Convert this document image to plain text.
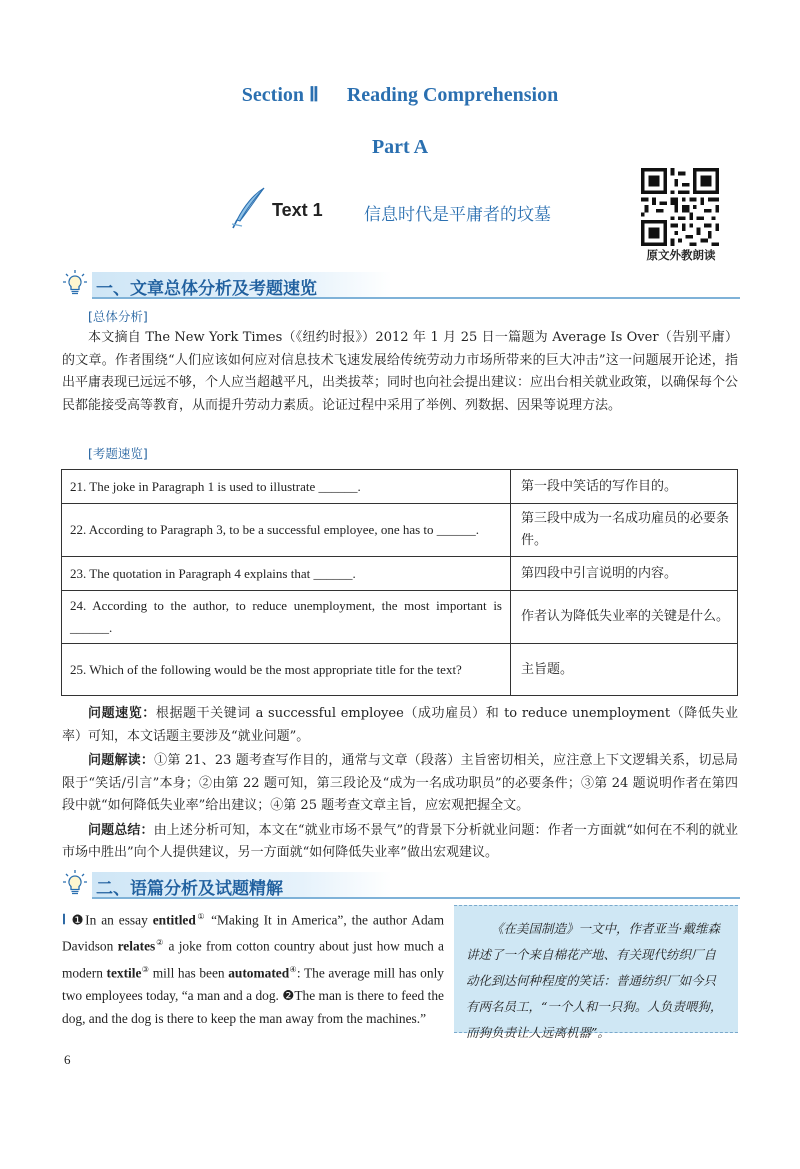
Section Ⅱ Reading Comprehension
Part A
Text 1 信息时代是平庸者的坟墓
原文外教朗读
一、文章总体分析及考题速览
[总体分析]

本文摘自 The New York Times（《纽约时报》）2012 年 1 月 25 日一篇题为 Average Is Over（告别平庸）的文章。作者围绕“人们应该如何应对信息技术飞速发展给传统劳动力市场所带来的巨大冲击”这一问题展开论述，指出平庸表现已远远不够，个人应当超越平凡，出类拔萃；同时也向社会提出建议：应出台相关就业政策，以确保每个公民都能接受高等教育，从而提升劳动力素质。论证过程中采用了举例、列数据、因果等说理方法。

[考题速览]
21. The joke in Paragraph 1 is used to illustrate ______.	第一段中笑话的写作目的。
22. According to Paragraph 3, to be a successful employee, one has to ______.	第三段中成为一名成功雇员的必要条件。
23. The quotation in Paragraph 4 explains that ______.	第四段中引言说明的内容。
24. According to the author, to reduce unemployment, the most important is ______.	作者认为降低失业率的关键是什么。
25. Which of the following would be the most appropriate title for the text?	主旨题。

问题速览：根据题干关键词 a successful employee（成功雇员）和 to reduce unemployment（降低失业率）可知，本文话题主要涉及“就业问题”。

问题解读：①第 21、23 题考查写作目的，通常与文章（段落）主旨密切相关，应注意上下文逻辑关系，切忌局限于“笑话/引言”本身；②由第 22 题可知，第三段论及“成为一名成功职员”的必要条件；③第 24 题说明作者在第四段中就“如何降低失业率”给出建议；④第 25 题考查文章主旨，应宏观把握全文。

问题总结：由上述分析可知，本文在“就业市场不景气”的背景下分析就业问题：作者一方面就“如何在不利的就业市场中胜出”向个人提供建议，另一方面就“如何降低失业率”做出宏观建议。

二、语篇分析及试题精解
Ⅰ ❶In an essay entitled① “Making It in America”, the author Adam Davidson relates② a joke from cotton country about just how much a modern textile③ mill has been automated④: The average mill has only two employees today, “a man and a dog. ❷The man is there to feed the dog, and the dog is there to keep the man away from the machines.”
《在美国制造》一文中，作者亚当·戴维森讲述了一个来自棉花产地、有关现代纺织厂自动化到达何种程度的笑话：普通纺织厂如今只有两名员工，“一个人和一只狗。人负责喂狗，而狗负责让人远离机器”。
6
